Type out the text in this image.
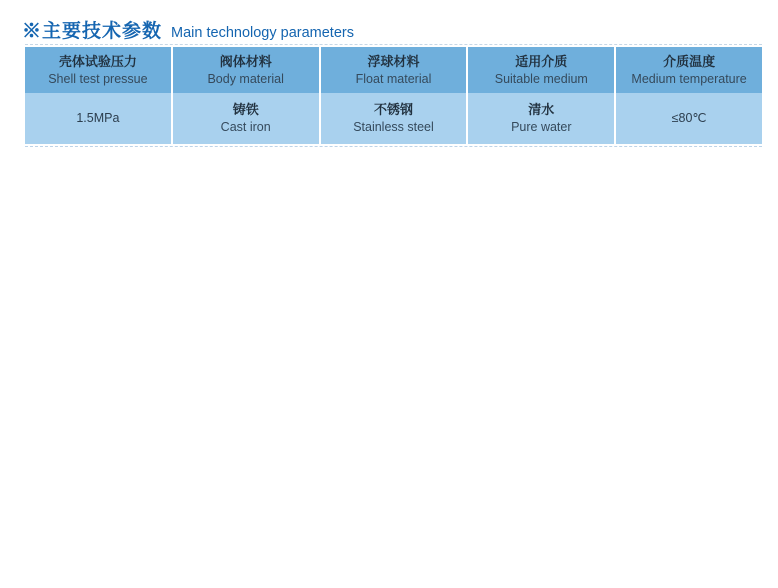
※主要技术参数 Main technology parameters
壳体试验压力
Shell test pressue
阀体材料
Body material
浮球材料
Float material
适用介质
Suitable medium
介质温度
Medium temperature
1.5MPa
铸铁
Cast iron
不锈钢
Stainless steel
清水
Pure water
≤80℃
